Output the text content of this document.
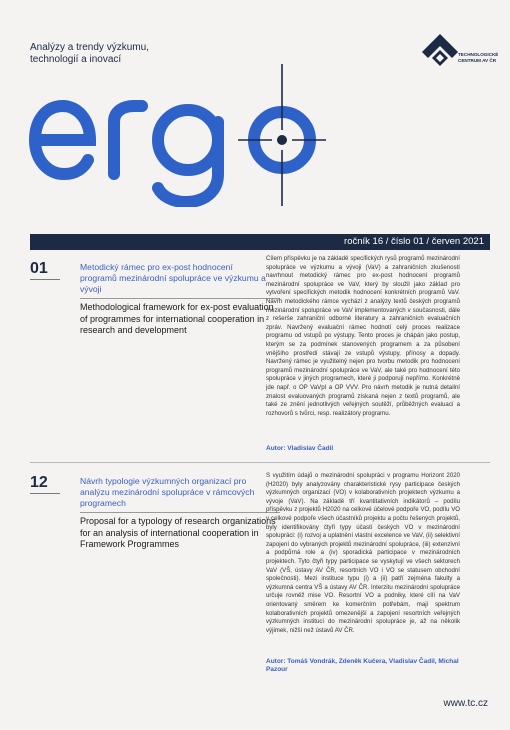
Analýzy a trendy výzkumu,
technologií a inovací	TECHNOLOGICKÉ
CENTRUM AV ČR
ročník 16 / číslo 01 / červen 2021
01	Metodický rámec pro ex-post hodnocení programů mezinárodní spolupráce ve výzkumu a vývoji
Methodological framework for ex-post evaluation of programmes for international cooperation in research and development
Cílem příspěvku je na základě specifických rysů programů mezinárodní spolupráce ve výzkumu a vývoji (VaV) a zahraničních zkušeností navrhnout metodický rámec pro ex-post hodnocení programů mezinárodní spolupráce ve VaV, který by sloužil jako základ pro vytvoření specifických metodik hodnocení konkrétních programů VaV. Návrh metodického rámce vychází z analýzy textů českých programů mezinárodní spolupráce ve VaV implementovaných v současnosti, dále z rešerše zahraniční odborné literatury a zahraničních evaluačních zpráv. Navržený evaluační rámec hodnotí celý proces realizace programu od vstupů po výstupy. Tento proces je chápán jako postup, kterým se za podmínek stanovených programem a za působení vnějšího prostředí stávají ze vstupů výstupy, přínosy a dopady. Navržený rámec je využitelný nejen pro tvorbu metodik pro hodnocení programů mezinárodní spolupráce ve VaV, ale také pro hodnocení této spolupráce v jiných programech, které ji podporují nepřímo. Konkrétně jde např. o OP VaVpI a OP VVV. Pro návrh metodik je nutná detailní znalost evaluovaných programů získaná nejen z textů programů, ale také ze znění jednotlivých veřejných soutěží, průběžných evaluací a rozhovorů s tvůrci, resp. realizátory programu.
Autor: Vladislav Čadil
12	Návrh typologie výzkumných organizací pro analýzu mezinárodní spolupráce v rámcových programech
Proposal for a typology of research organizations for an analysis of international cooperation in Framework Programmes
S využitím údajů o mezinárodní spolupráci v programu Horizont 2020 (H2020) byly analyzovány charakteristické rysy participace českých výzkumných organizací (VO) v kolaborativních projektech výzkumu a vývoje (VaV). Na základě tří kvantitativních indikátorů – podílu příspěvku z projektů H2020 na celkové účelové podpoře VO, podílu VO v celkové podpoře všech účastníků projektu a počtu řešených projektů, byly identifikovány čtyři typy účastí českých VO v mezinárodní spolupráci: (i) rozvoj a uplatnění vlastní excelence ve VaV, (ii) selektivní zapojení do vybraných projektů mezinárodní spolupráce, (iii) extenzivní a podpůrná role a (iv) sporadická participace v mezinárodních projektech. Tyto čtyři typy participace se vyskytují ve všech sektorech VaV (VŠ, ústavy AV ČR, resortních VO i VO se statusem obchodní společnosti). Mezi instituce typu (i) a (ii) patří zejména fakulty a výzkumná centra VŠ a ústavy AV ČR. Interzitu mezinárodní spolupráce určuje rovněž mise VO. Resortní VO a podniky, které cílí na VaV orientovaný směrem ke komerčním potřebám, mají spektrum kolaborativních projektů omezenější a zapojení resortních veřejných výzkumných institucí do mezinárodní spolupráce je, až na několik výjimek, nižší než ústavů AV ČR.
Autor: Tomáš Vondrák, Zdeněk Kučera, Vladislav Čadil, Michal Pazour
www.tc.cz
